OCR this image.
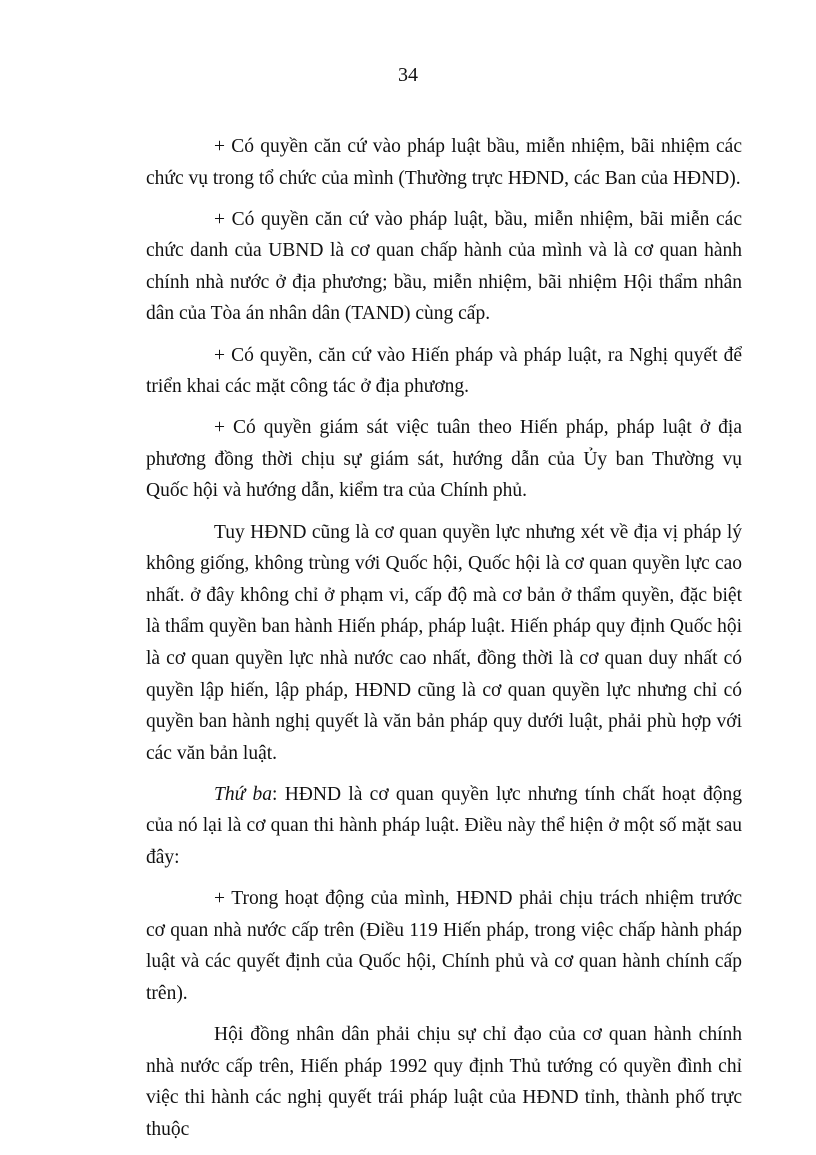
34

+ Có quyền căn cứ vào pháp luật bầu, miễn nhiệm, bãi nhiệm các chức vụ trong tổ chức của mình (Thường trực HĐND, các Ban của HĐND).

+ Có quyền căn cứ vào pháp luật, bầu, miễn nhiệm, bãi miễn các chức danh của UBND là cơ quan chấp hành của mình và là cơ quan hành chính nhà nước ở địa phương; bầu, miễn nhiệm, bãi nhiệm Hội thẩm nhân dân của Tòa án nhân dân (TAND) cùng cấp.

+ Có quyền, căn cứ vào Hiến pháp và pháp luật, ra Nghị quyết để triển khai các mặt công tác ở địa phương.

+ Có quyền giám sát việc tuân theo Hiến pháp, pháp luật ở địa phương đồng thời chịu sự giám sát, hướng dẫn của Ủy ban Thường vụ Quốc hội và hướng dẫn, kiểm tra của Chính phủ.

Tuy HĐND cũng là cơ quan quyền lực nhưng xét về địa vị pháp lý không giống, không trùng với Quốc hội, Quốc hội là cơ quan quyền lực cao nhất. ở đây không chỉ ở phạm vi, cấp độ mà cơ bản ở thẩm quyền, đặc biệt là thẩm quyền ban hành Hiến pháp, pháp luật. Hiến pháp quy định Quốc hội là cơ quan quyền lực nhà nước cao nhất, đồng thời là cơ quan duy nhất có quyền lập hiến, lập pháp, HĐND cũng là cơ quan quyền lực nhưng chỉ có quyền ban hành nghị quyết là văn bản pháp quy dưới luật, phải phù hợp với các văn bản luật.

Thứ ba: HĐND là cơ quan quyền lực nhưng tính chất hoạt động của nó lại là cơ quan thi hành pháp luật. Điều này thể hiện ở một số mặt sau đây:

+ Trong hoạt động của mình, HĐND phải chịu trách nhiệm trước cơ quan nhà nước cấp trên (Điều 119 Hiến pháp, trong việc chấp hành pháp luật và các quyết định của Quốc hội, Chính phủ và cơ quan hành chính cấp trên).

Hội đồng nhân dân phải chịu sự chỉ đạo của cơ quan hành chính nhà nước cấp trên, Hiến pháp 1992 quy định Thủ tướng có quyền đình chỉ việc thi hành các nghị quyết trái pháp luật của HĐND tỉnh, thành phố trực thuộc
